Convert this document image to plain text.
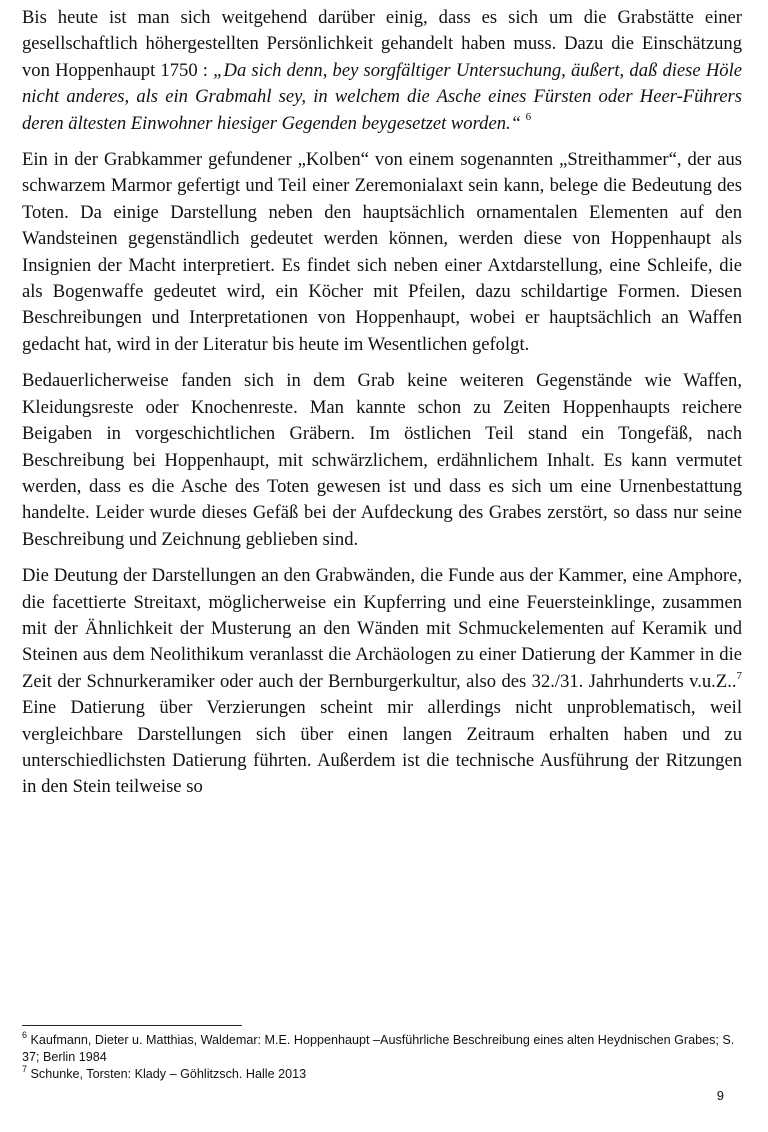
Bis heute ist man sich weitgehend darüber einig, dass es sich um die Grabstätte einer gesellschaftlich höhergestellten Persönlichkeit gehandelt haben muss. Dazu die Einschätzung von Hoppenhaupt 1750 : „Da sich denn, bey sorgfältiger Untersuchung, äußert, daß diese Höle nicht anderes, als ein Grabmahl sey, in welchem die Asche eines Fürsten oder Heer-Führers deren ältesten Einwohner hiesiger Gegenden beygesetzet worden.“ $^6$

Ein in der Grabkammer gefundener „Kolben“ von einem sogenannten „Streithammer“, der aus schwarzem Marmor gefertigt und Teil einer Zeremonialaxt sein kann, belege die Bedeutung des Toten. Da einige Darstellung neben den hauptsächlich ornamentalen Elementen auf den Wandsteinen gegenständlich gedeutet werden können, werden diese von Hoppenhaupt als Insignien der Macht interpretiert. Es findet sich neben einer Axtdarstellung, eine Schleife, die als Bogenwaffe gedeutet wird, ein Köcher mit Pfeilen, dazu schildartige Formen. Diesen Beschreibungen und Interpretationen von Hoppenhaupt, wobei er hauptsächlich an Waffen gedacht hat, wird in der Literatur bis heute im Wesentlichen gefolgt.

Bedauerlicherweise fanden sich in dem Grab keine weiteren Gegenstände wie Waffen, Kleidungsreste oder Knochenreste. Man kannte schon zu Zeiten Hoppenhaupts reichere Beigaben in vorgeschichtlichen Gräbern. Im östlichen Teil stand ein Tongefäß, nach Beschreibung bei Hoppenhaupt, mit schwärzlichem, erdähnlichem Inhalt. Es kann vermutet werden, dass es die Asche des Toten gewesen ist und dass es sich um eine Urnenbestattung handelte. Leider wurde dieses Gefäß bei der Aufdeckung des Grabes zerstört, so dass nur seine Beschreibung und Zeichnung geblieben sind.

Die Deutung der Darstellungen an den Grabwänden, die Funde aus der Kammer, eine Amphore, die facettierte Streitaxt, möglicherweise ein Kupferring und eine Feuersteinklinge, zusammen mit der Ähnlichkeit der Musterung an den Wänden mit Schmuckelementen auf Keramik und Steinen aus dem Neolithikum veranlasst die Archäologen zu einer Datierung der Kammer in die Zeit der Schnurkeramiker oder auch der Bernburgerkultur, also des 32./31. Jahrhunderts v.u.Z..$^7$ Eine Datierung über Verzierungen scheint mir allerdings nicht unproblematisch, weil vergleichbare Darstellungen sich über einen langen Zeitraum erhalten haben und zu unterschiedlichsten Datierung führten. Außerdem ist die technische Ausführung der Ritzungen in den Stein teilweise so

$^6$ Kaufmann, Dieter u. Matthias, Waldemar: M.E. Hoppenhaupt –Ausführliche Beschreibung eines alten Heydnischen Grabes; S. 37; Berlin 1984

$^7$ Schunke, Torsten: Klady – Göhlitzsch. Halle 2013

9
